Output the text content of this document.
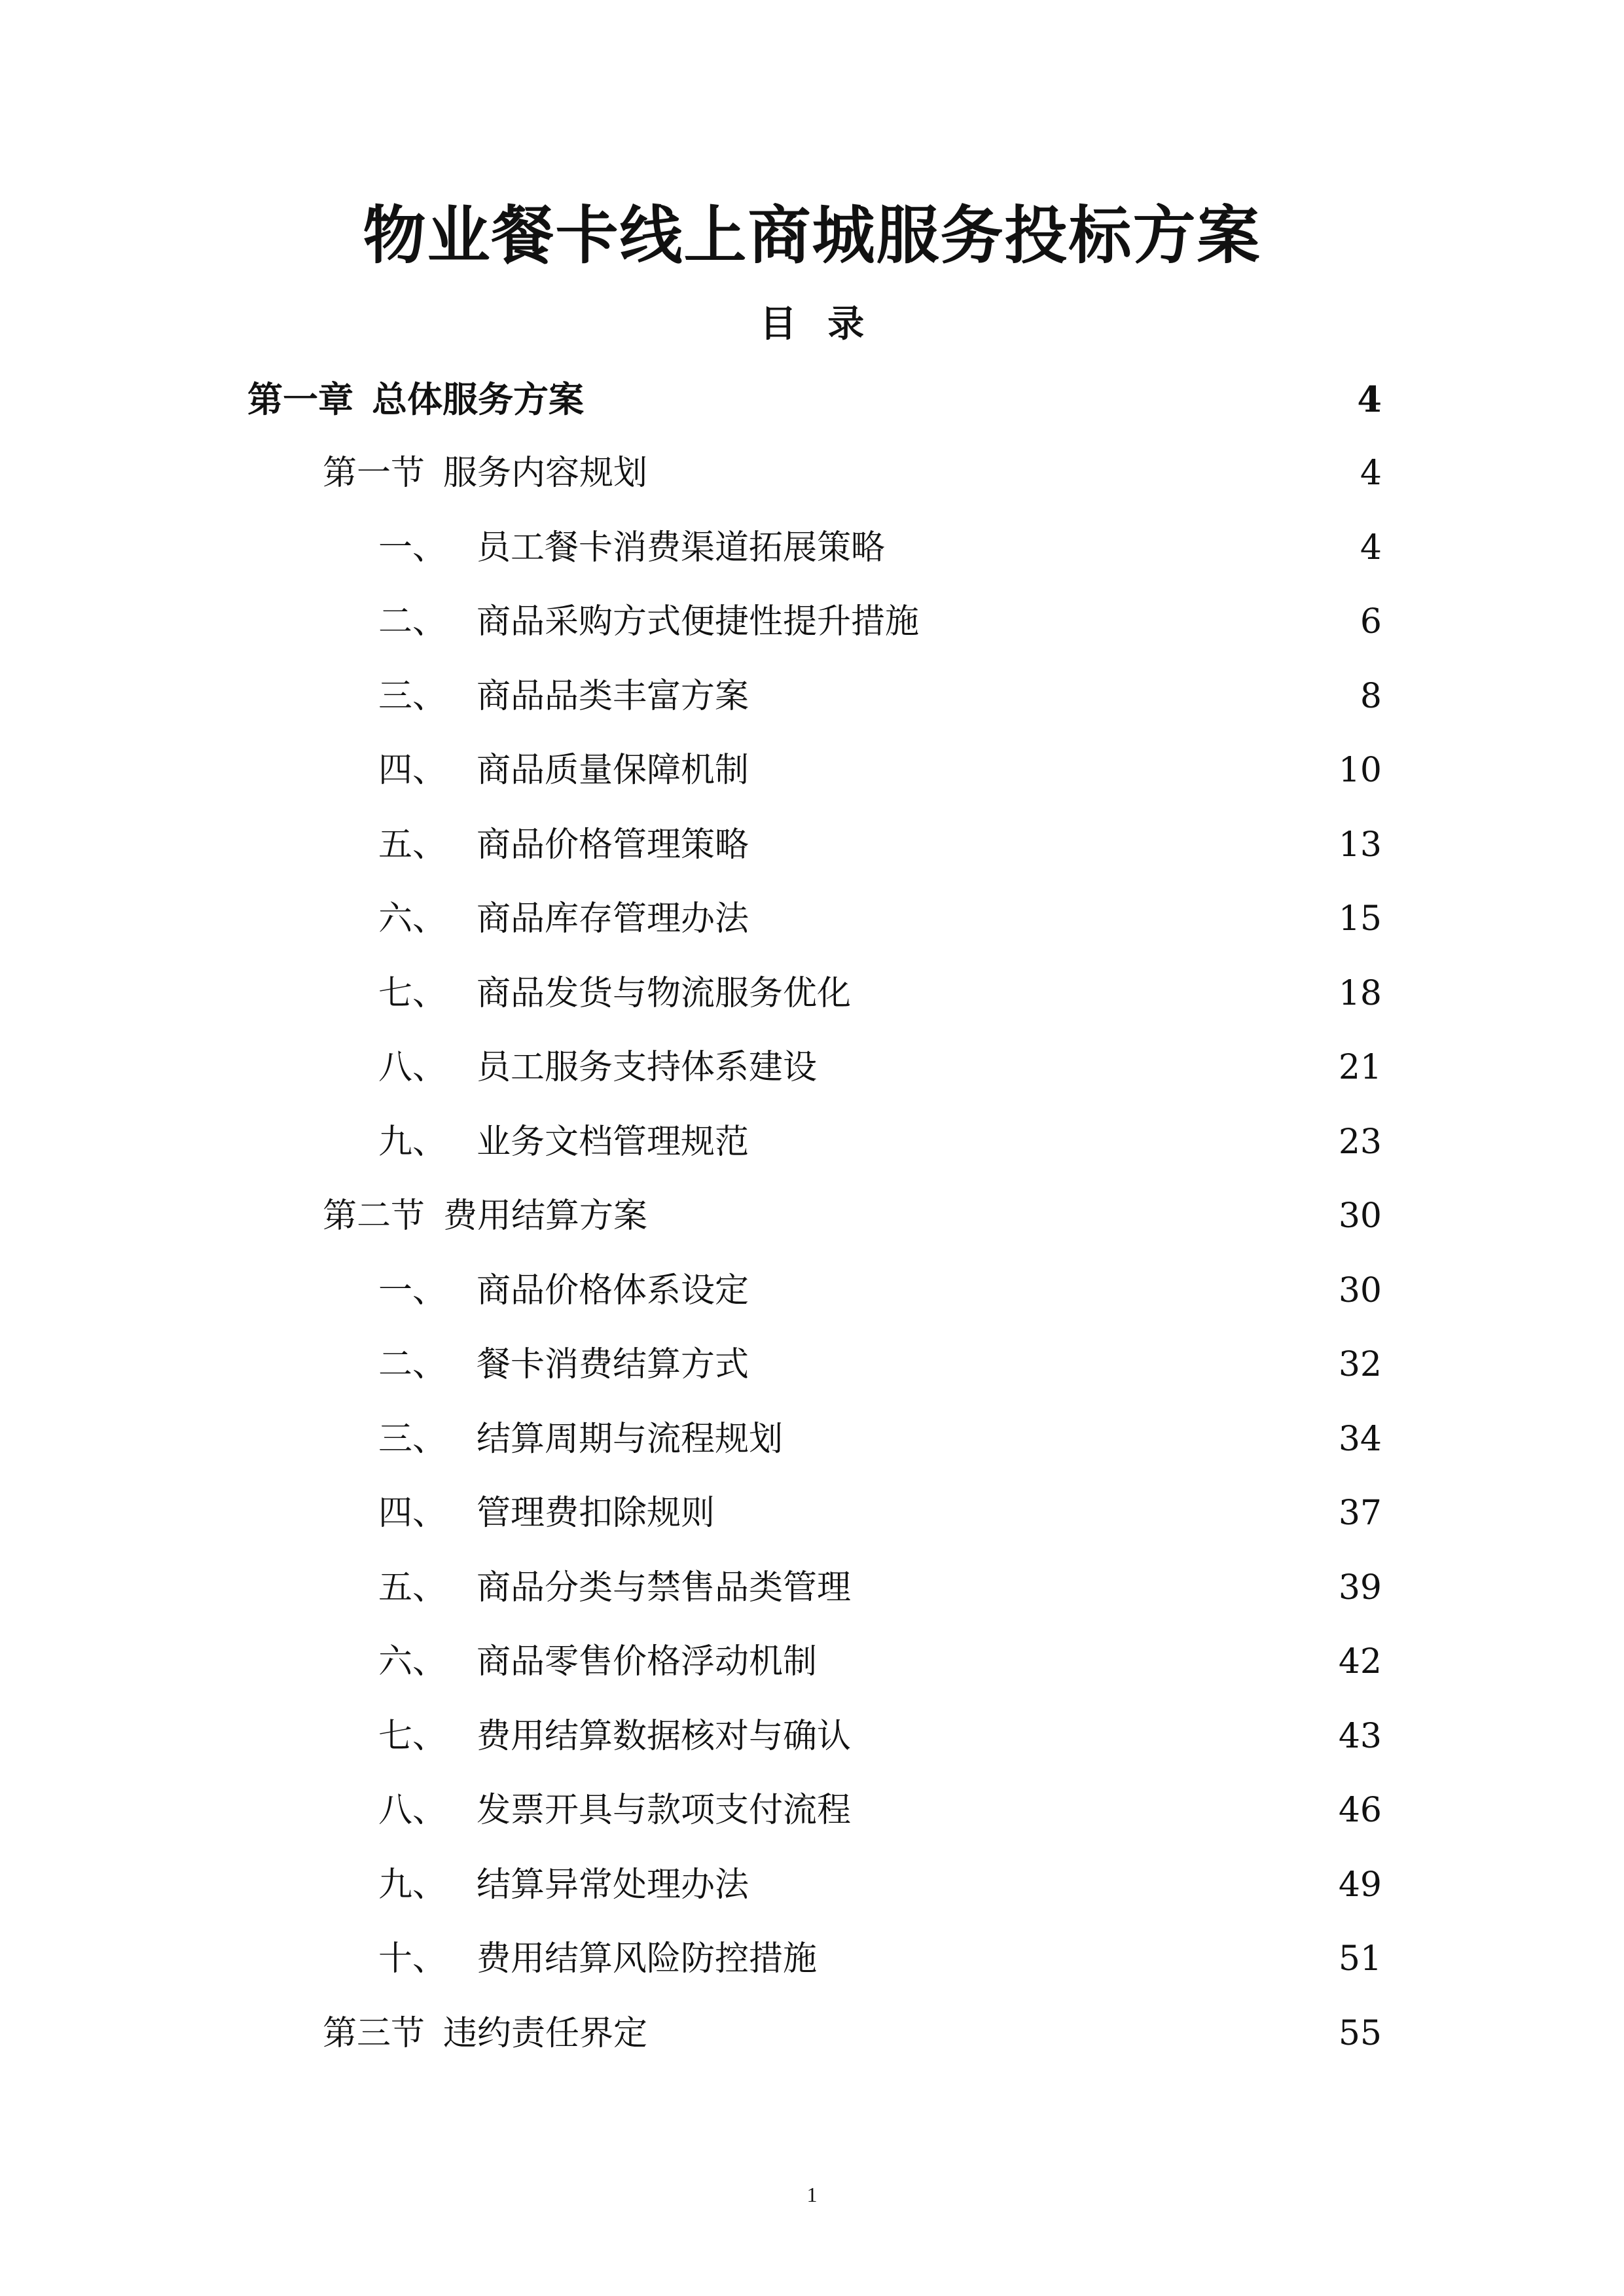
物业餐卡线上商城服务投标方案
目 录
第一章 总体服务方案	4
第一节 服务内容规划	4
一、 员工餐卡消费渠道拓展策略	4
二、 商品采购方式便捷性提升措施	6
三、 商品品类丰富方案	8
四、 商品质量保障机制	10
五、 商品价格管理策略	13
六、 商品库存管理办法	15
七、 商品发货与物流服务优化	18
八、 员工服务支持体系建设	21
九、 业务文档管理规范	23
第二节 费用结算方案	30
一、 商品价格体系设定	30
二、 餐卡消费结算方式	32
三、 结算周期与流程规划	34
四、 管理费扣除规则	37
五、 商品分类与禁售品类管理	39
六、 商品零售价格浮动机制	42
七、 费用结算数据核对与确认	43
八、 发票开具与款项支付流程	46
九、 结算异常处理办法	49
十、 费用结算风险防控措施	51
第三节 违约责任界定	55
1
